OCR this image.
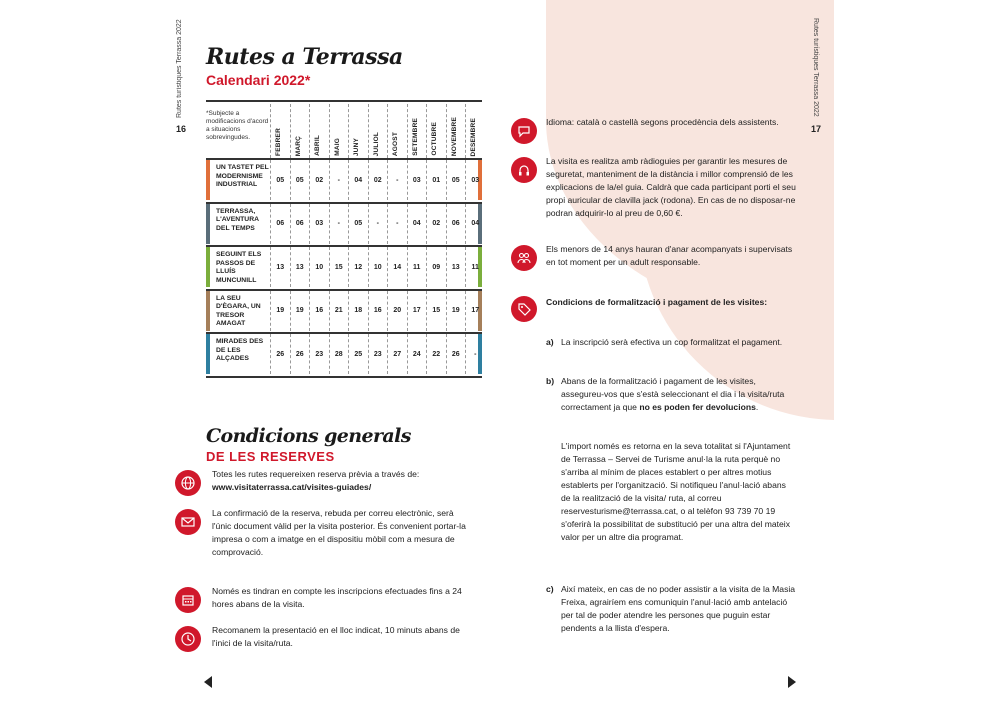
Rutes turístiques Terrassa 2022
16
Rutes turístiques Terrassa 2022
17
Rutes a Terrassa
Calendari 2022*
*Subjecte a modificacions d'acord a situacions sobrevingudes.	FEBRER MARÇ ABRIL MAIG JUNY JULIOL AGOST SETEMBRE OCTUBRE NOVEMBRE DESEMBRE
UN TASTET PEL MODERNISME INDUSTRIAL
05	05	02	-	04	02	-	03	01	05	03
TERRASSA, L'AVENTURA DEL TEMPS
06	06	03	-	05	-	-	04	02	06	04
SEGUINT ELS PASSOS DE LLUÍS MUNCUNILL
13	13	10	15	12	10	14	11	09	13	11
LA SEU D'ÈGARA, UN TRESOR AMAGAT
19	19	16	21	18	16	20	17	15	19	17
MIRADES DES DE LES ALÇADES
26	26	23	28	25	23	27	24	22	26	-
Condicions generals
DE LES RESERVES
Totes les rutes requereixen reserva prèvia a través de:
www.visitaterrassa.cat/visites-guiades/
La confirmació de la reserva, rebuda per correu electrònic, serà l'únic document vàlid per la visita posterior. És convenient portar-la impresa o com a imatge en el dispositiu mòbil com a mesura de comprovació.
Només es tindran en compte les inscripcions efectuades fins a 24 hores abans de la visita.
Recomanem la presentació en el lloc indicat, 10 minuts abans de l'inici de la visita/ruta.
Idioma: català o castellà segons procedència dels assistents.
La visita es realitza amb ràdioguies per garantir les mesures de seguretat, manteniment de la distància i millor comprensió de les explicacions de la/el guia. Caldrà que cada participant porti el seu propi auricular de clavilla jack (rodona). En cas de no disposar-ne podran adquirir-lo al preu de 0,60 €.
Els menors de 14 anys hauran d'anar acompanyats i supervisats en tot moment per un adult responsable.
Condicions de formalització i pagament de les visites:
a) La inscripció serà efectiva un cop formalitzat el pagament.
b) Abans de la formalització i pagament de les visites, assegureu-vos que s'està seleccionant el dia i la visita/ruta correctament ja que no es poden fer devolucions.
L'import només es retorna en la seva totalitat si l'Ajuntament de Terrassa – Servei de Turisme anul·la la ruta perquè no s'arriba al mínim de places establert o per altres motius establerts per l'organització. Si notifiqueu l'anul·lació abans de la realització de la visita/ ruta, al correu reservesturisme@terrassa.cat, o al telèfon 93 739 70 19 s'oferirà la possibilitat de substitució per una altra del mateix valor per un altre dia programat.
c) Així mateix, en cas de no poder assistir a la visita de la Masia Freixa, agrairíem ens comuniquin l'anul·lació amb antelació per tal de poder atendre les persones que puguin estar pendents a la llista d'espera.
